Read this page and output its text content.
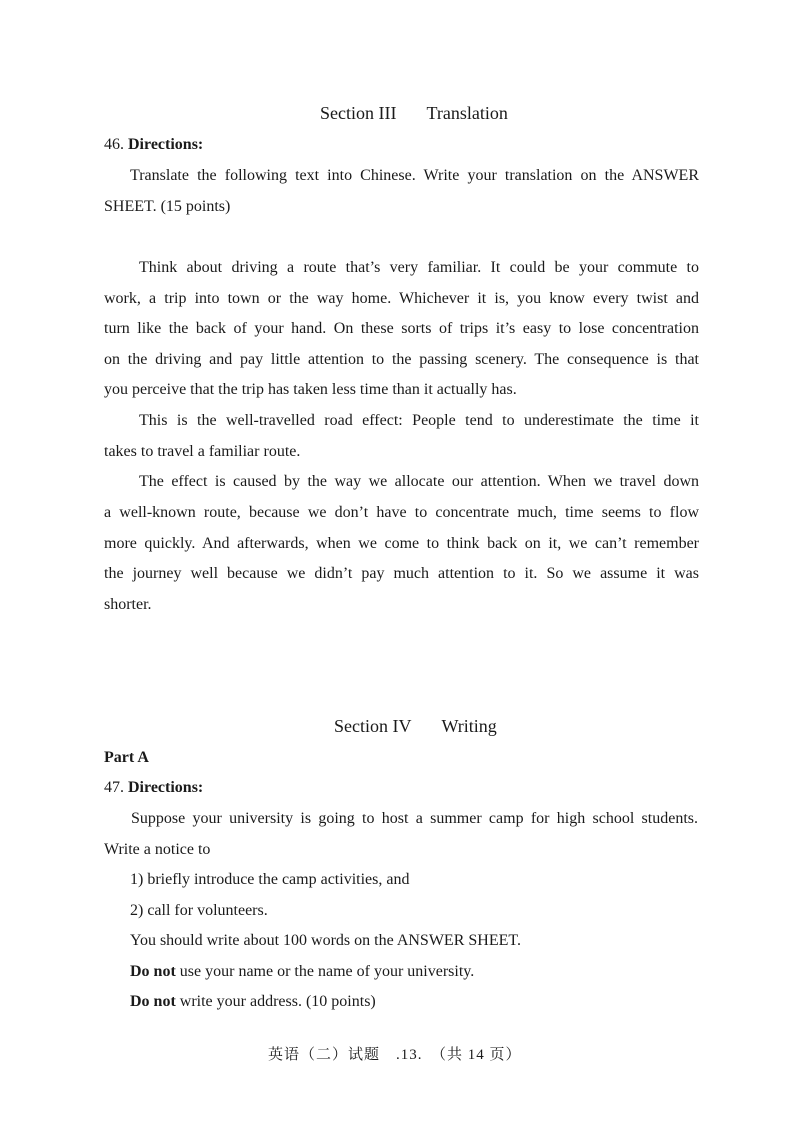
Section III Translation
46. Directions:
Translate the following text into Chinese. Write your translation on the ANSWER
SHEET. (15 points)
Think about driving a route that’s very familiar. It could be your commute to
work, a trip into town or the way home. Whichever it is, you know every twist and
turn like the back of your hand. On these sorts of trips it’s easy to lose concentration
on the driving and pay little attention to the passing scenery. The consequence is that
you perceive that the trip has taken less time than it actually has.
This is the well-travelled road effect: People tend to underestimate the time it
takes to travel a familiar route.
The effect is caused by the way we allocate our attention. When we travel down
a well-known route, because we don’t have to concentrate much, time seems to flow
more quickly. And afterwards, when we come to think back on it, we can’t remember
the journey well because we didn’t pay much attention to it. So we assume it was
shorter.
Section IV Writing
Part A
47. Directions:
Suppose your university is going to host a summer camp for high school students.
Write a notice to
1) briefly introduce the camp activities, and
2) call for volunteers.
You should write about 100 words on the ANSWER SHEET.
Do not use your name or the name of your university.
Do not write your address. (10 points)
英语（二）试题　.13.　（共 14 页）
